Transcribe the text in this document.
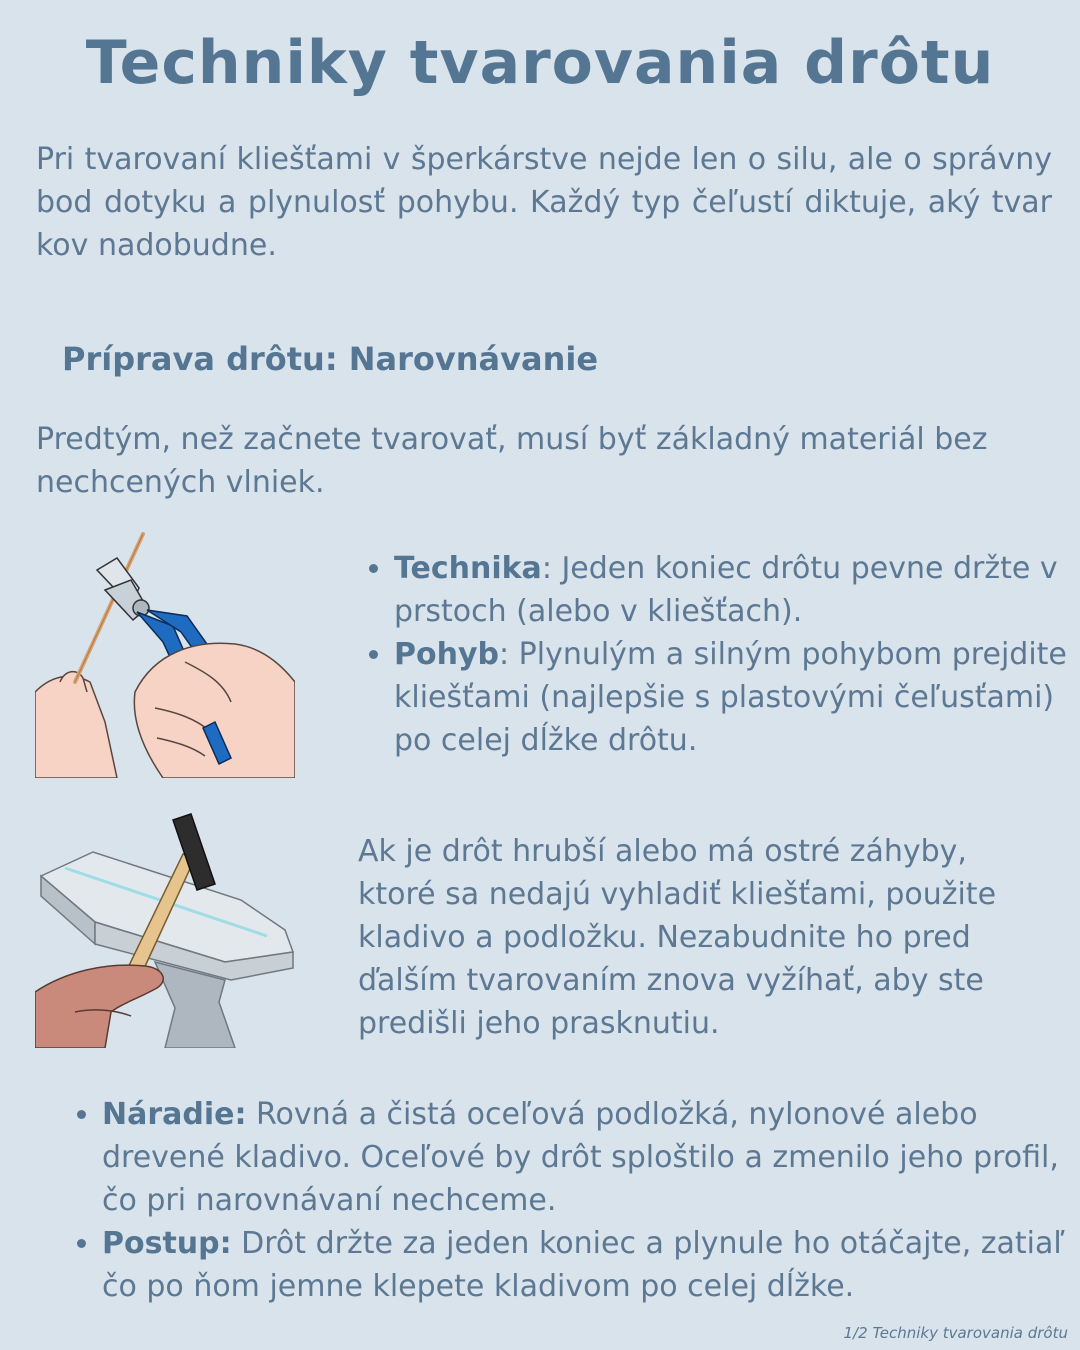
Techniky tvarovania drôtu
Pri tvarovaní kliešťami v šperkárstve nejde len o silu, ale o správny bod dotyku a plynulosť pohybu. Každý typ čeľustí diktuje, aký tvar kov nadobudne.
Príprava drôtu: Narovnávanie
Predtým, než začnete tvarovať, musí byť základný materiál bez nechcených vlniek.
• Technika: Jeden koniec drôtu pevne držte v prstoch (alebo v kliešťach).
• Pohyb: Plynulým a silným pohybom prejdite kliešťami (najlepšie s plastovými čeľusťami) po celej dĺžke drôtu.
Ak je drôt hrubší alebo má ostré záhyby, ktoré sa nedajú vyhladiť kliešťami, použite kladivo a podložku. Nezabudnite ho pred ďalším tvarovaním znova vyžíhať, aby ste predišli jeho prasknutiu.
• Náradie: Rovná a čistá oceľová podložká, nylonové alebo drevené kladivo. Oceľové by drôt sploštilo a zmenilo jeho profil, čo pri narovnávaní nechceme.
• Postup: Drôt držte za jeden koniec a plynule ho otáčajte, zatiaľ čo po ňom jemne klepete kladivom po celej dĺžke.
1/2 Techniky tvarovania drôtu
